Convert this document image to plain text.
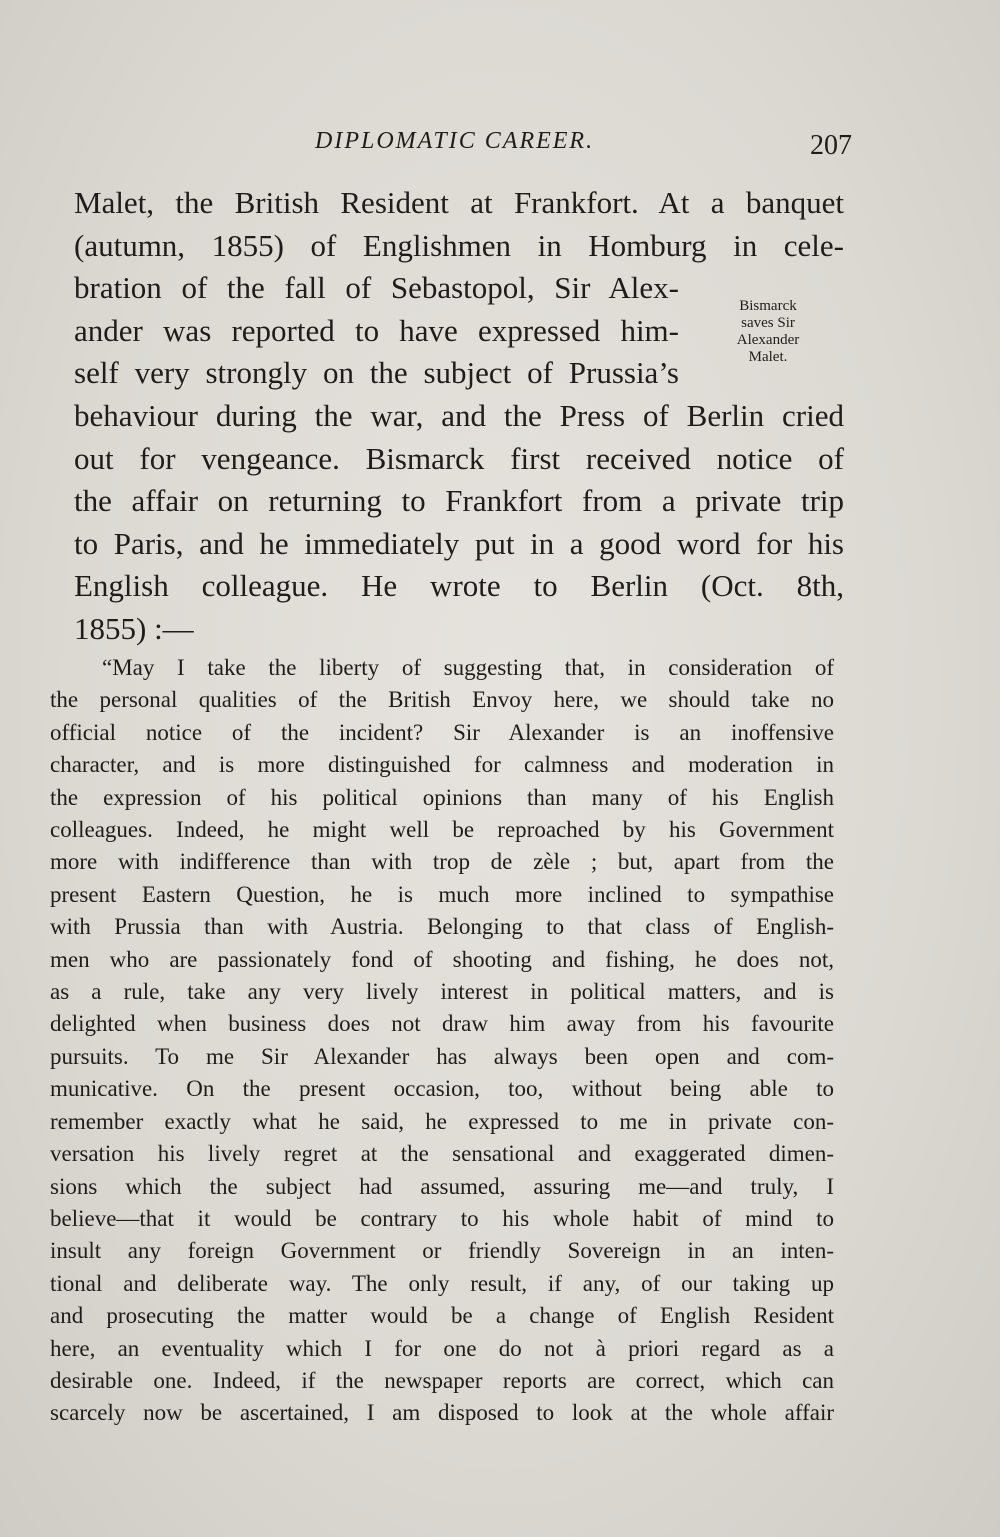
DIPLOMATIC CAREER.	207
Malet, the British Resident at Frankfort. At a banquet
(autumn, 1855) of Englishmen in Homburg in cele-
bration of the fall of Sebastopol, Sir Alex-
ander was reported to have expressed him-
self very strongly on the subject of Prussia’s
behaviour during the war, and the Press of Berlin cried
out for vengeance. Bismarck first received notice of
the affair on returning to Frankfort from a private trip
to Paris, and he immediately put in a good word for his
English colleague. He wrote to Berlin (Oct. 8th,
1855) :—
Bismarck
saves Sir
Alexander
Malet.
“May I take the liberty of suggesting that, in consideration of
the personal qualities of the British Envoy here, we should take no
official notice of the incident? Sir Alexander is an inoffensive
character, and is more distinguished for calmness and moderation in
the expression of his political opinions than many of his English
colleagues. Indeed, he might well be reproached by his Government
more with indifference than with trop de zèle ; but, apart from the
present Eastern Question, he is much more inclined to sympathise
with Prussia than with Austria. Belonging to that class of English-
men who are passionately fond of shooting and fishing, he does not,
as a rule, take any very lively interest in political matters, and is
delighted when business does not draw him away from his favourite
pursuits. To me Sir Alexander has always been open and com-
municative. On the present occasion, too, without being able to
remember exactly what he said, he expressed to me in private con-
versation his lively regret at the sensational and exaggerated dimen-
sions which the subject had assumed, assuring me—and truly, I
believe—that it would be contrary to his whole habit of mind to
insult any foreign Government or friendly Sovereign in an inten-
tional and deliberate way. The only result, if any, of our taking up
and prosecuting the matter would be a change of English Resident
here, an eventuality which I for one do not à priori regard as a
desirable one. Indeed, if the newspaper reports are correct, which can
scarcely now be ascertained, I am disposed to look at the whole affair
